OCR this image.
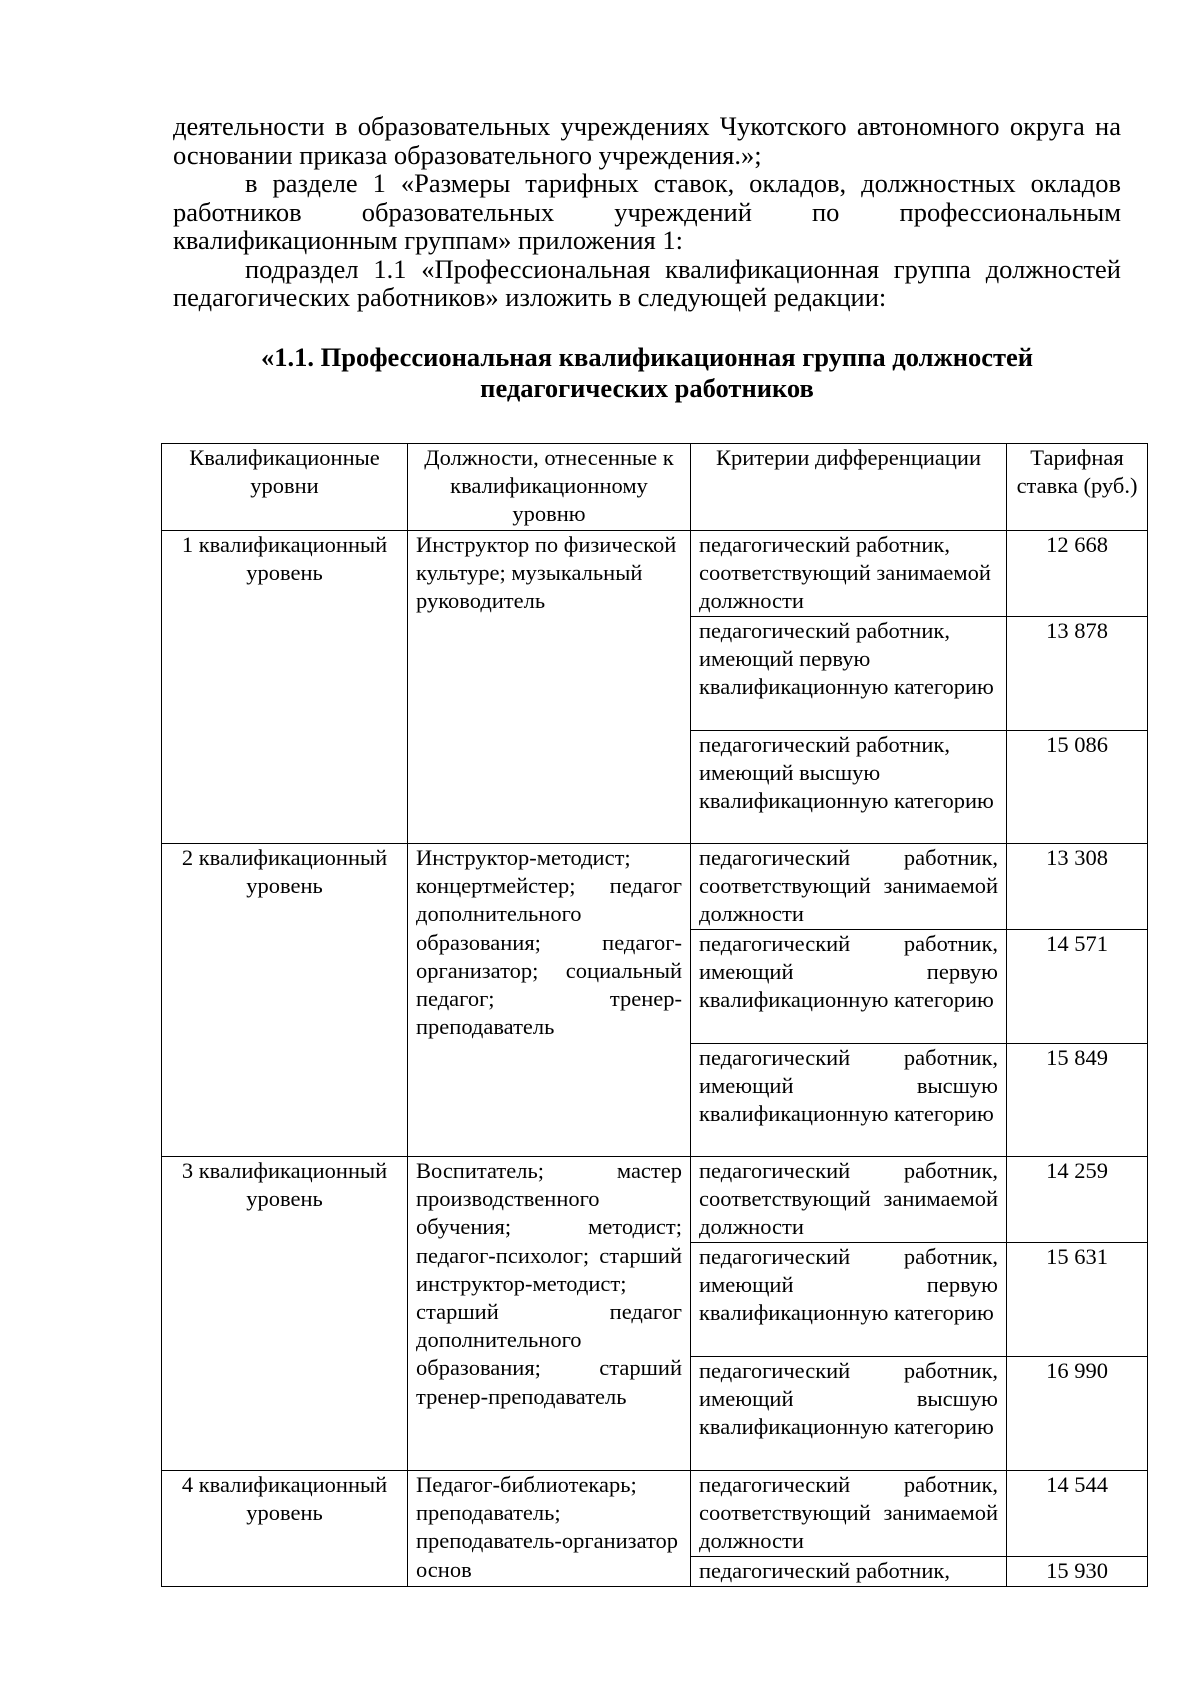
деятельности в образовательных учреждениях Чукотского автономного округа на основании приказа образовательного учреждения.»;

в разделе 1 «Размеры тарифных ставок, окладов, должностных окладов работников образовательных учреждений по профессиональным квалификационным группам» приложения 1:

подраздел 1.1 «Профессиональная квалификационная группа должностей педагогических работников» изложить в следующей редакции:

«1.1. Профессиональная квалификационная группа должностей
педагогических работников
Квалификационные уровни	Должности, отнесенные к квалификационному уровню	Критерии дифференциации	Тарифная ставка (руб.)
1 квалификационный уровень	Инструктор по физической культуре; музыкальный руководитель	педагогический работник, соответствующий занимаемой должности	12 668
		педагогический работник, имеющий первую квалификационную категорию	13 878
		педагогический работник, имеющий высшую квалификационную категорию	15 086
2 квалификационный уровень	Инструктор-методист; концертмейстер; педагог дополнительного образования; педагог-организатор; социальный педагог; тренер-преподаватель	педагогический работник, соответствующий занимаемой должности	13 308
		педагогический работник, имеющий первую квалификационную категорию	14 571
		педагогический работник, имеющий высшую квалификационную категорию	15 849
3 квалификационный уровень	Воспитатель; мастер производственного обучения; методист; педагог-психолог; старший инструктор-методист; старший педагог дополнительного образования; старший тренер-преподаватель	педагогический работник, соответствующий занимаемой должности	14 259
		педагогический работник, имеющий первую квалификационную категорию	15 631
		педагогический работник, имеющий высшую квалификационную категорию	16 990
4 квалификационный уровень	Педагог-библиотекарь; преподаватель; преподаватель-организатор основ	педагогический работник, соответствующий занимаемой должности	14 544
		педагогический работник,	15 930
